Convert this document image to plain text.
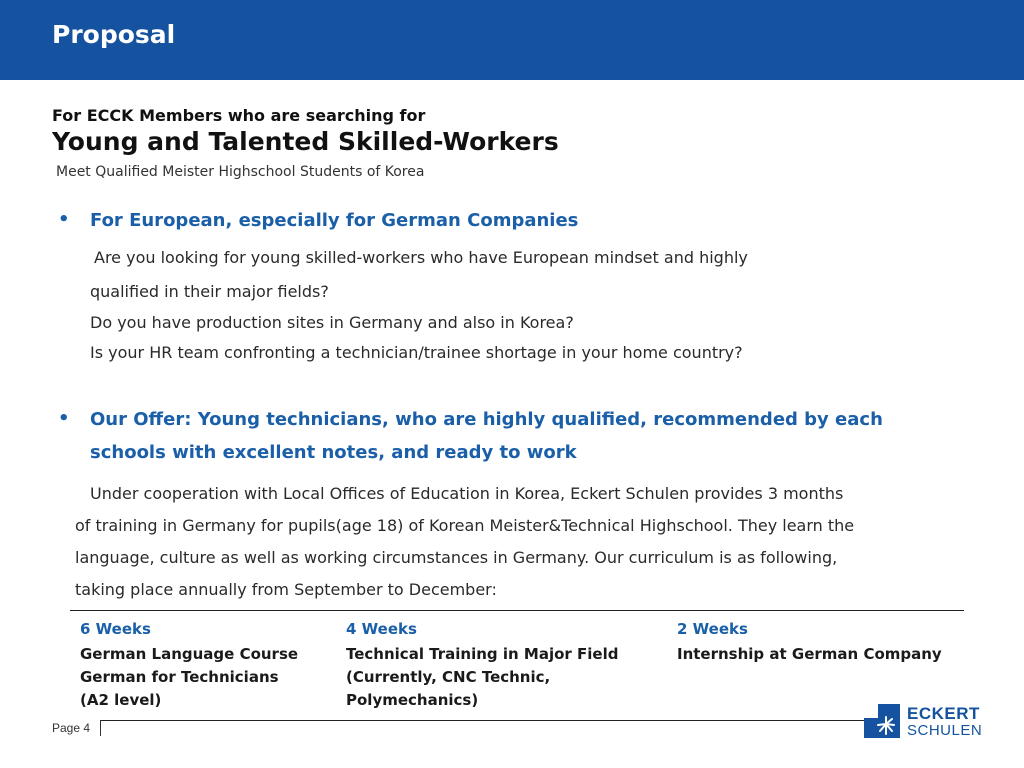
Proposal
For ECCK Members who are searching for
Young and Talented Skilled-Workers
Meet Qualified Meister Highschool Students of Korea
• For European, especially for German Companies
Are you looking for young skilled-workers who have European mindset and highly
qualified in their major fields?
Do you have production sites in Germany and also in Korea?
Is your HR team confronting a technician/trainee shortage in your home country?
• Our Offer: Young technicians, who are highly qualified, recommended by each
schools with excellent notes, and ready to work
Under cooperation with Local Offices of Education in Korea, Eckert Schulen provides 3 months
of training in Germany for pupils(age 18) of Korean Meister&Technical Highschool. They learn the
language, culture as well as working circumstances in Germany. Our curriculum is as following,
taking place annually from September to December:
6 Weeks
German Language Course
German for Technicians
(A2 level)
4 Weeks
Technical Training in Major Field
(Currently, CNC Technic,
Polymechanics)
2 Weeks
Internship at German Company
Page 4
ECKERT
SCHULEN
